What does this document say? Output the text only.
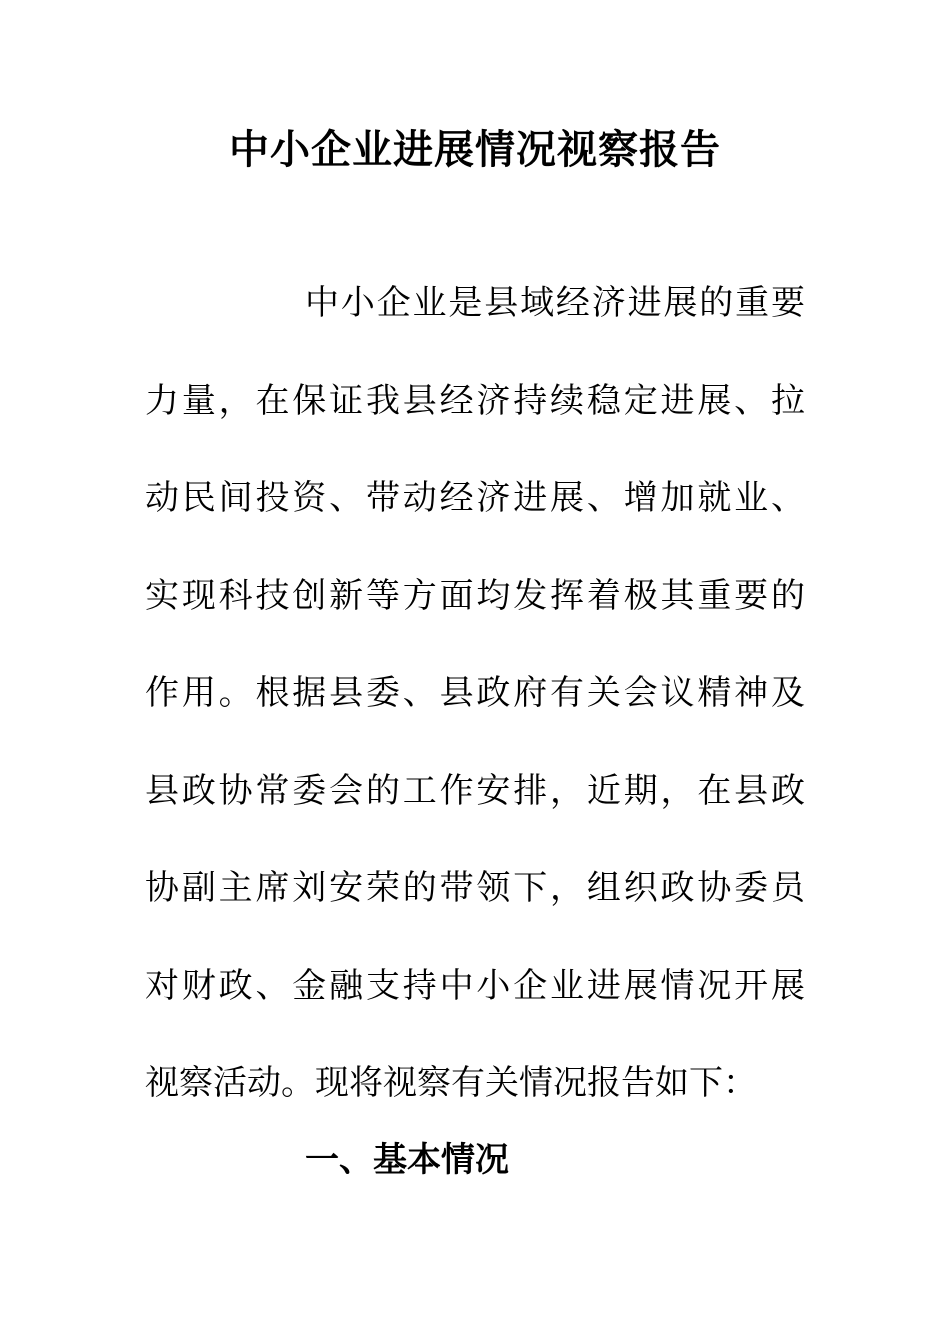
中小企业进展情况视察报告
中小企业是县域经济进展的重要
力量，在保证我县经济持续稳定进展、拉
动民间投资、带动经济进展、增加就业、
实现科技创新等方面均发挥着极其重要的
作用。根据县委、县政府有关会议精神及
县政协常委会的工作安排，近期，在县政
协副主席刘安荣的带领下，组织政协委员
对财政、金融支持中小企业进展情况开展
视察活动。现将视察有关情况报告如下：
一、基本情况
